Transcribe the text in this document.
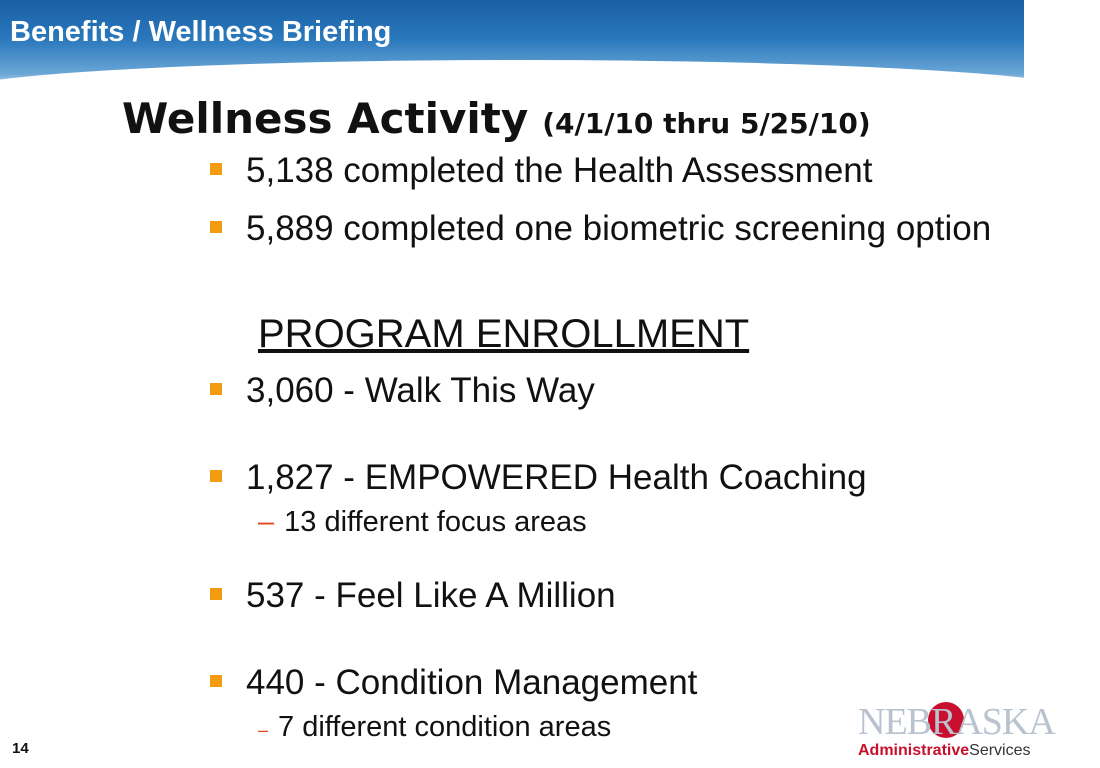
Benefits / Wellness Briefing
Wellness Activity (4/1/10 thru 5/25/10)
5,138 completed the Health Assessment
5,889 completed one biometric screening option
PROGRAM ENROLLMENT
3,060 - Walk This Way
1,827 - EMPOWERED Health Coaching
– 13 different focus areas
537 - Feel Like A Million
440 - Condition Management
– 7 different condition areas
14
NEBRASKA
AdministrativeServices
